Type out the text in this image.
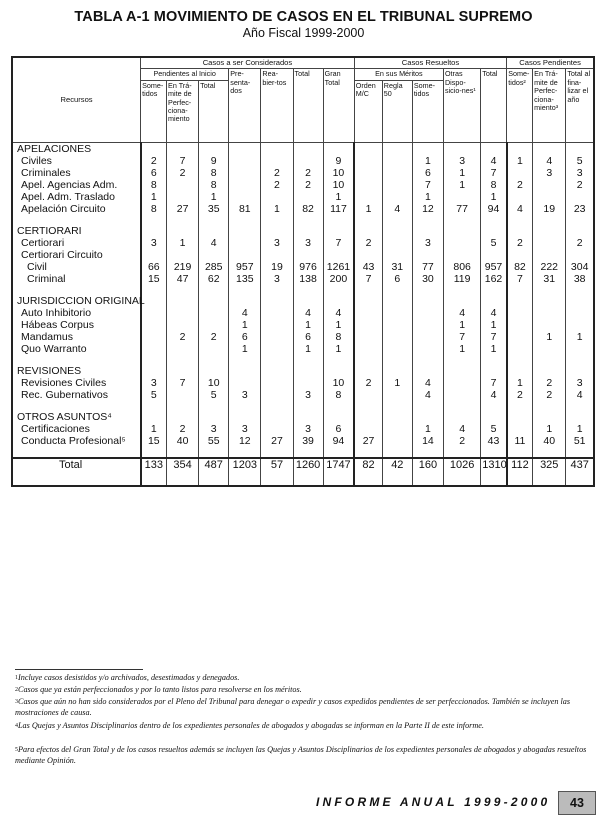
TABLA A-1 MOVIMIENTO DE CASOS EN EL TRIBUNAL SUPREMO
Año Fiscal 1999-2000
Recursos	Casos a ser Considerados							Casos Resueltos					Casos Pendientes		
	Pendientes al Inicio			Pre-senta-dos	Rea-bier-tos	Total	Gran Total	En sus Méritos			Otras Dispo-sicio-nes¹	Total	Some-tidos²	En Trá-mite de Perfec-ciona-miento³	Total al fina-lizar el año
	Some-tidos	En Trá-mite de Perfec-ciona-miento	Total					Orden M/C	Regla 50	Some-tidos					
APELACIONES															
Civiles	2	7	9				9			1	3	4	1	4	5
Criminales	6	2	8		2	2	10			6	1	7		3	3
Apel. Agencias Adm.	8		8		2	2	10			7	1	8	2		2
Apel. Adm. Traslado	1		1				1			1		1			
Apelación Circuito	8	27	35	81	1	82	117	1	4	12	77	94	4	19	23

CERTIORARI															
Certiorari	3	1	4		3	3	7	2		3		5	2		2
Certiorari Circuito															
Civil	66	219	285	957	19	976	1261	43	31	77	806	957	82	222	304
Criminal	15	47	62	135	3	138	200	7	6	30	119	162	7	31	38

JURISDICCION ORIGINAL															
Auto Inhibitorio				4		4	4				4	4			
Hábeas Corpus				1		1	1				1	1			
Mandamus		2	2	6		6	8				7	7		1	1
Quo Warranto				1		1	1				1	1			

REVISIONES															
Revisiones Civiles	3	7	10				10	2	1	4		7	1	2	3
Rec. Gubernativos	5		5	3		3	8			4		4	2	2	4

OTROS ASUNTOS⁴															
Certificaciones	1	2	3	3		3	6			1	4	5		1	1
Conducta Profesional⁵	15	40	55	12	27	39	94	27		14	2	43	11	40	51

Total	133	354	487	1203	57	1260	1747	82	42	160	1026	1310	112	325	437
$^1$Incluye casos desistidos y/o archivados, desestimados y denegados.
$^2$Casos que ya están perfeccionados y por lo tanto listos para resolverse en los méritos.
$^3$Casos que aún no han sido considerados por el Pleno del Tribunal para denegar o expedir y casos expedidos pendientes de ser perfeccionados. También se incluyen las mostraciones de causa.
$^4$Las Quejas y Asuntos Disciplinarios dentro de los expedientes personales de abogados y abogadas se informan en la Parte II de este informe.
$^5$Para efectos del Gran Total y de los casos resueltos además se incluyen las Quejas y Asuntos Disciplinarios de los expedientes personales de abogados y abogadas resueltos mediante Opinión.
INFORME ANUAL 1999-2000	43
